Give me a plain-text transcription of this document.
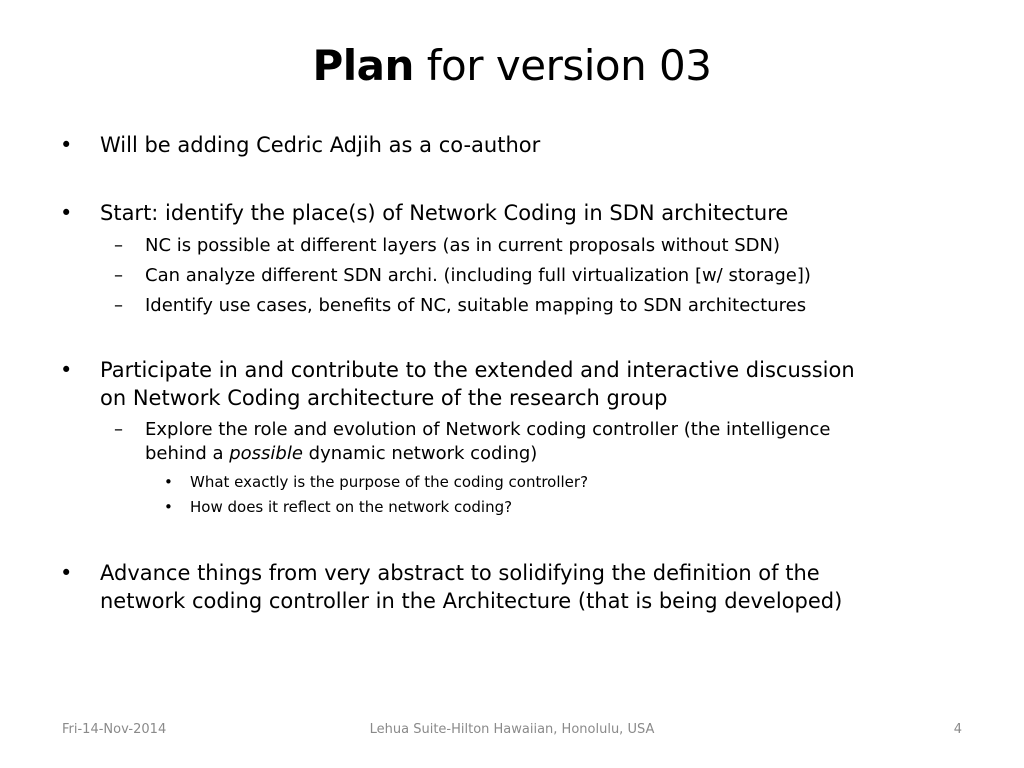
Plan for version 03
• Will be adding Cedric Adjih as a co-author
• Start: identify the place(s) of Network Coding in SDN architecture
– NC is possible at different layers (as in current proposals without SDN)
– Can analyze different SDN archi. (including full virtualization [w/ storage])
– Identify use cases, benefits of NC, suitable mapping to SDN architectures
• Participate in and contribute to the extended and interactive discussion
on Network Coding architecture of the research group
– Explore the role and evolution of Network coding controller (the intelligence
behind a possible dynamic network coding)
• What exactly is the purpose of the coding controller?
• How does it reflect on the network coding?
• Advance things from very abstract to solidifying the definition of the
network coding controller in the Architecture (that is being developed)
Fri-14-Nov-2014	Lehua Suite-Hilton Hawaiian, Honolulu, USA	4
